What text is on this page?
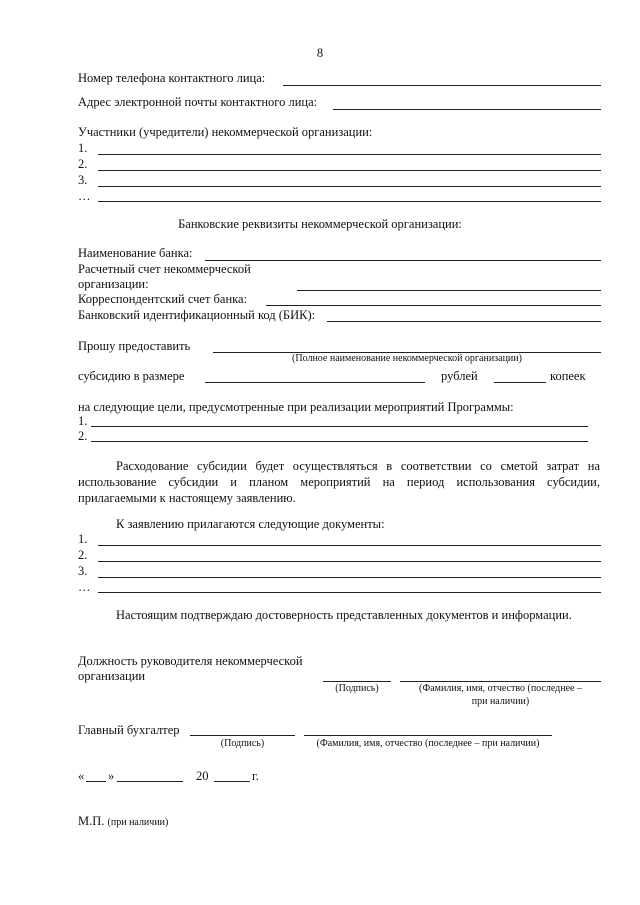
8
Номер телефона контактного лица:
Адрес электронной почты контактного лица:
Участники (учредители) некоммерческой организации:
1.
2.
3.
…
Банковские реквизиты некоммерческой организации:
Наименование банка:
Расчетный счет некоммерческой
организации:
Корреспондентский счет банка:
Банковский идентификационный код (БИК):
Прошу предоставить
(Полное наименование некоммерческой организации)
субсидию в размере	рублей	копеек
на следующие цели, предусмотренные при реализации мероприятий Программы:
1.
2.
Расходование субсидии будет осуществляться в соответствии со сметой затрат на использование субсидии и планом мероприятий на период использования субсидии, прилагаемыми к настоящему заявлению.
К заявлению прилагаются следующие документы:
1.
2.
3.
…
Настоящим подтверждаю достоверность представленных документов и информации.
Должность руководителя некоммерческой
организации
(Подпись)	(Фамилия, имя, отчество (последнее –
при наличии)
Главный бухгалтер
(Подпись)	(Фамилия, имя, отчество (последнее – при наличии)
« »	20	г.
М.П. (при наличии)
